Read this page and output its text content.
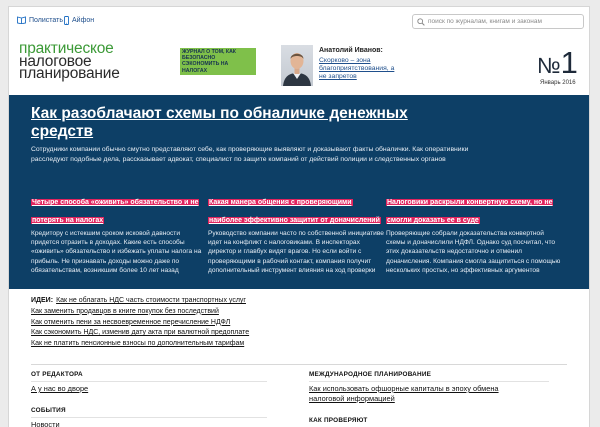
Полистать Айфон
поиск по журналам, книгам и законам
практическое
налоговое
планирование
ЖУРНАЛ О ТОМ, КАК БЕЗОПАСНО СЭКОНОМИТЬ НА НАЛОГАХ
Анатолий Иванов:
Скорково – зона благоприятствования, а не запретов	№1
Январь 2016
Как разоблачают схемы по обналичке денежных средств
Сотрудники компании обычно смутно представляют себе, как проверяющие выявляют и доказывают факты обналички. Как оперативники расследуют подобные дела, рассказывает адвокат, специалист по защите компаний от действий полиции и следственных органов
Четыре способа «оживить» обязательство и не потерять на налогах
Кредитору с истекшим сроком исковой давности придется отразить в доходах. Какие есть способы «оживить» обязательство и избежать уплаты налога на прибыль. Не признавать доходы можно даже по обязательствам, возникшим более 10 лет назад
Какая манера общения с проверяющими наиболее эффективно защитит от доначислений
Руководство компании часто по собственной инициативе идет на конфликт с налоговиками. В инспекторах директор и главбух видят врагов. Но если войти с проверяющими в рабочий контакт, компания получит дополнительный инструмент влияния на ход проверки
Налоговики раскрыли конвертную схему, но не смогли доказать ее в суде
Проверяющие собрали доказательства конвертной схемы и доначислили НДФЛ. Однако суд посчитал, что этих доказательств недостаточно и отменил доначисления. Компания смогла защититься с помощью нескольких простых, но эффективных аргументов
ИДЕИ: Как не облагать НДС часть стоимости транспортных услуг
Как заменить продавцов в книге покупок без последствий
Как отменить пени за несвоевременное перечисление НДФЛ
Как сэкономить НДС, изменив дату акта при валютной предоплате
Как не платить пенсионные взносы по дополнительным тарифам
ОТ РЕДАКТОРА
А у нас во дворе
СОБЫТИЯ
Новости
МЕЖДУНАРОДНОЕ ПЛАНИРОВАНИЕ
Как использовать офшорные капиталы в эпоху обмена налоговой информацией
КАК ПРОВЕРЯЮТ
